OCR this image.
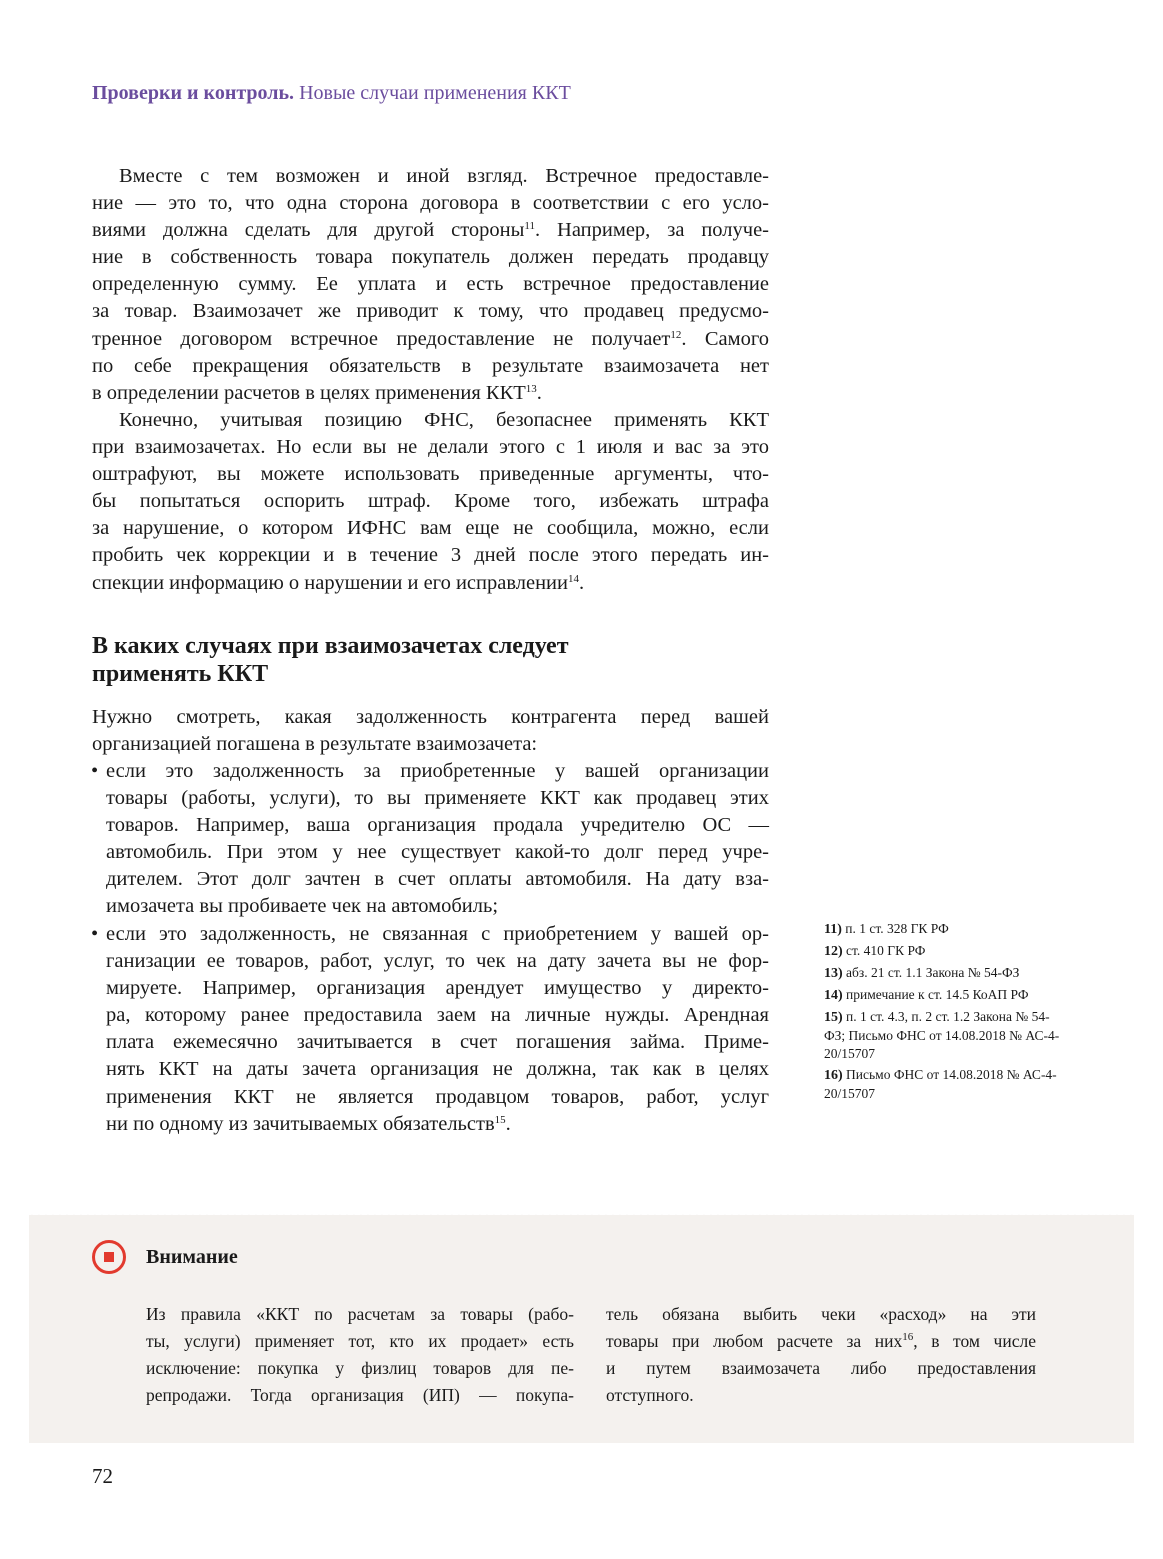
Проверки и контроль. Новые случаи применения ККТ
Вместе с тем возможен и иной взгляд. Встречное предоставле-
ние — это то, что одна сторона договора в соответствии с его усло-
виями должна сделать для другой стороны$^{11}$. Например, за получе-
ние в собственность товара покупатель должен передать продавцу
определенную сумму. Ее уплата и есть встречное предоставление
за товар. Взаимозачет же приводит к тому, что продавец предусмо-
тренное договором встречное предоставление не получает$^{12}$. Самого
по себе прекращения обязательств в результате взаимозачета нет
в определении расчетов в целях применения ККТ$^{13}$.
Конечно, учитывая позицию ФНС, безопаснее применять ККТ
при взаимозачетах. Но если вы не делали этого с 1 июля и вас за это
оштрафуют, вы можете использовать приведенные аргументы, что-
бы попытаться оспорить штраф. Кроме того, избежать штрафа
за нарушение, о котором ИФНС вам еще не сообщила, можно, если
пробить чек коррекции и в течение 3 дней после этого передать ин-
спекции информацию о нарушении и его исправлении$^{14}$.
В каких случаях при взаимозачетах следует
применять ККТ
Нужно смотреть, какая задолженность контрагента перед вашей
организацией погашена в результате взаимозачета:
• если это задолженность за приобретенные у вашей организации
товары (работы, услуги), то вы применяете ККТ как продавец этих
товаров. Например, ваша организация продала учредителю ОС —
автомобиль. При этом у нее существует какой-то долг перед учре-
дителем. Этот долг зачтен в счет оплаты автомобиля. На дату вза-
имозачета вы пробиваете чек на автомобиль;
• если это задолженность, не связанная с приобретением у вашей ор-
ганизации ее товаров, работ, услуг, то чек на дату зачета вы не фор-
мируете. Например, организация арендует имущество у директо-
ра, которому ранее предоставила заем на личные нужды. Арендная
плата ежемесячно зачитывается в счет погашения займа. Приме-
нять ККТ на даты зачета организация не должна, так как в целях
применения ККТ не является продавцом товаров, работ, услуг
ни по одному из зачитываемых обязательств$^{15}$.
11) п. 1 ст. 328 ГК РФ
12) ст. 410 ГК РФ
13) абз. 21 ст. 1.1 Закона № 54-ФЗ
14) примечание к ст. 14.5 КоАП РФ
15) п. 1 ст. 4.3, п. 2 ст. 1.2 Закона № 54-ФЗ; Письмо ФНС от 14.08.2018 № АС-4-20/15707
16) Письмо ФНС от 14.08.2018 № АС-4-20/15707
Внимание
Из правила «ККТ по расчетам за товары (рабо-
ты, услуги) применяет тот, кто их продает» есть
исключение: покупка у физлиц товаров для пе-
репродажи. Тогда организация (ИП) — покупа-
тель обязана выбить чеки «расход» на эти
товары при любом расчете за них$^{16}$, в том числе
и путем взаимозачета либо предоставления
отступного.
72
